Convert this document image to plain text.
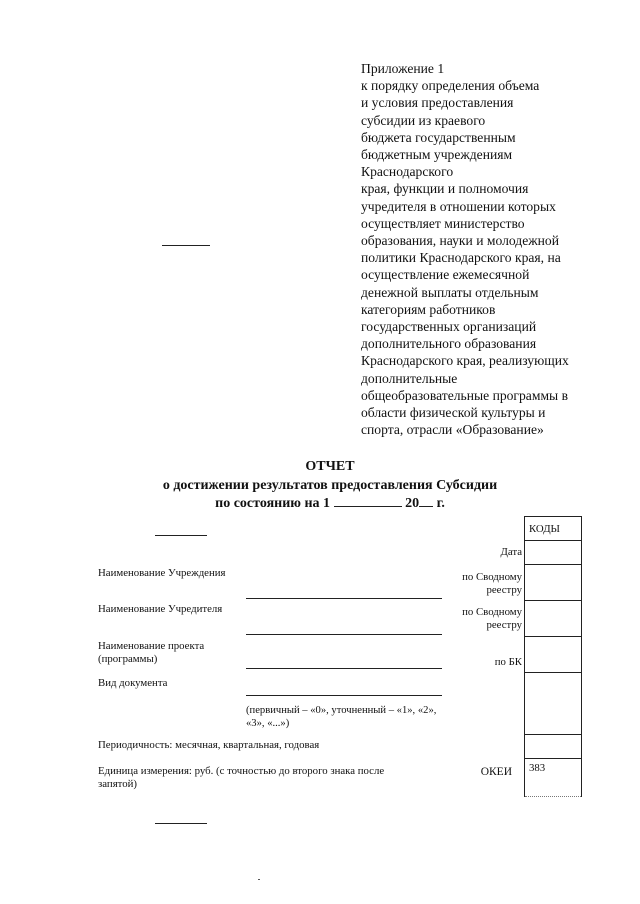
Приложение 1
к порядку определения объема
и условия предоставления
субсидии из краевого
бюджета государственным
бюджетным учреждениям
Краснодарского
края, функции и полномочия
учредителя в отношении которых
осуществляет министерство
образования, науки и молодежной
политики Краснодарского края, на
осуществление ежемесячной
денежной выплаты отдельным
категориям работников
государственных организаций
дополнительного образования
Краснодарского края, реализующих
дополнительные
общеобразовательные программы в
области физической культуры и
спорта, отрасли «Образование»
ОТЧЕТ
о достижении результатов предоставления Субсидии
по состоянию на 1	20 г.
КОДЫ
383
Дата
по Сводному реестру
по Сводному реестру
по БК
ОКЕИ
Наименование Учреждения
Наименование Учредителя
Наименование проекта (программы)
Вид документа
(первичный – «0», уточненный – «1», «2», «3», «...»)
Периодичность: месячная, квартальная, годовая
Единица измерения: руб. (с точностью до второго знака после запятой)
